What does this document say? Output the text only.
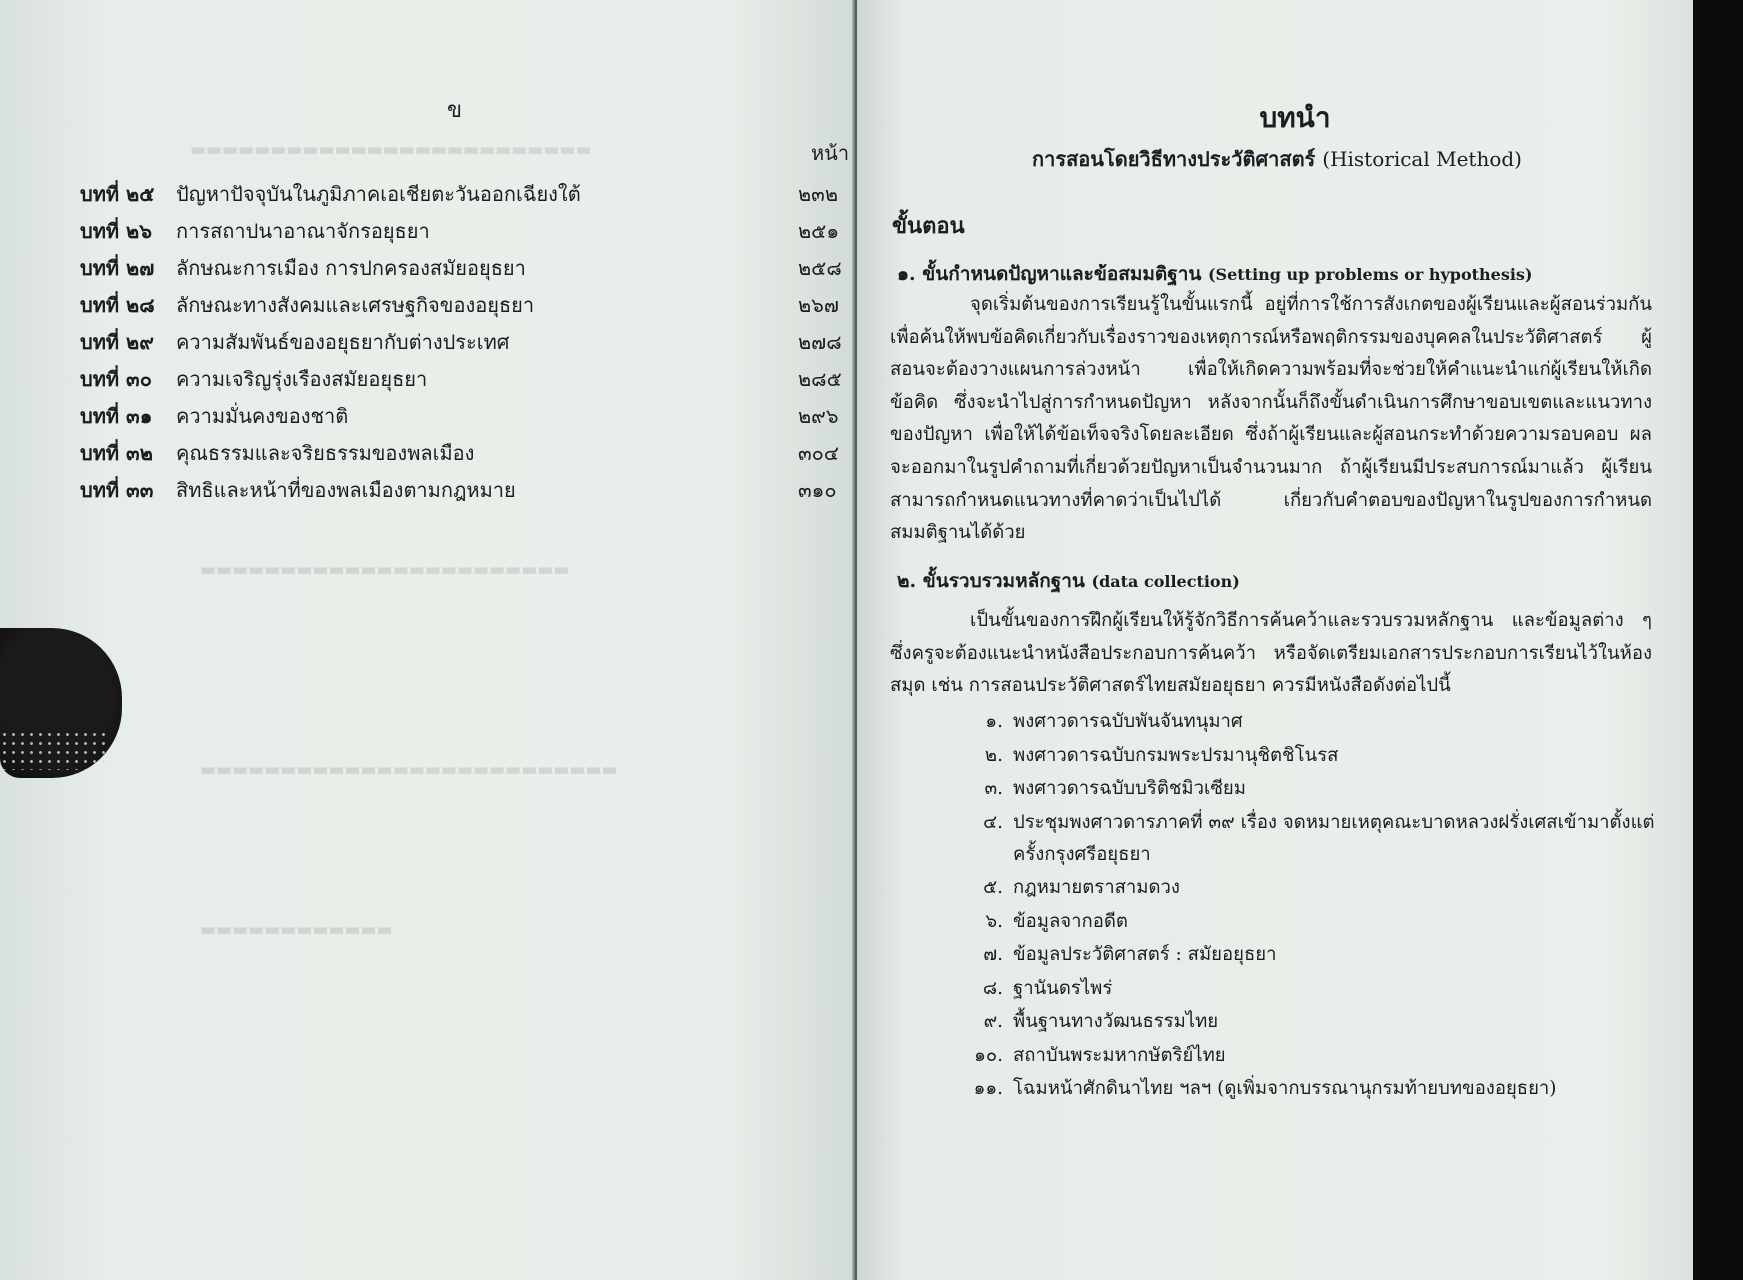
▬▬▬▬▬▬▬▬▬▬▬▬▬▬▬▬▬▬▬▬▬▬▬▬▬
▬▬▬▬▬▬▬▬▬▬▬▬▬▬▬▬▬▬▬▬▬▬▬
▬▬▬▬▬▬▬▬▬▬▬▬▬▬▬▬▬▬▬▬▬▬▬▬▬▬
▬▬▬▬▬▬▬▬▬▬▬▬
ข
หน้า
บทที่ ๒๕ ปัญหาปัจจุบันในภูมิภาคเอเชียตะวันออกเฉียงใต้	๒๓๒
บทที่ ๒๖ การสถาปนาอาณาจักรอยุธยา	๒๕๑
บทที่ ๒๗ ลักษณะการเมือง การปกครองสมัยอยุธยา	๒๕๘
บทที่ ๒๘ ลักษณะทางสังคมและเศรษฐกิจของอยุธยา	๒๖๗
บทที่ ๒๙ ความสัมพันธ์ของอยุธยากับต่างประเทศ	๒๗๘
บทที่ ๓๐ ความเจริญรุ่งเรืองสมัยอยุธยา	๒๘๕
บทที่ ๓๑ ความมั่นคงของชาติ	๒๙๖
บทที่ ๓๒ คุณธรรมและจริยธรรมของพลเมือง	๓๐๔
บทที่ ๓๓ สิทธิและหน้าที่ของพลเมืองตามกฎหมาย	๓๑๐
บทนำ
การสอนโดยวิธีทางประวัติศาสตร์ (Historical Method)
ขั้นตอน
๑. ขั้นกำหนดปัญหาและข้อสมมติฐาน (Setting up problems or hypothesis)
จุดเริ่มต้นของการเรียนรู้ในขั้นแรกนี้ อยู่ที่การใช้การสังเกตของผู้เรียนและผู้สอนร่วมกัน เพื่อค้นให้พบข้อคิดเกี่ยวกับเรื่องราวของเหตุการณ์หรือพฤติกรรมของบุคคลในประวัติศาสตร์ ผู้สอนจะต้องวางแผนการล่วงหน้า เพื่อให้เกิดความพร้อมที่จะช่วยให้คำแนะนำแก่ผู้เรียนให้เกิดข้อคิด ซึ่งจะนำไปสู่การกำหนดปัญหา หลังจากนั้นก็ถึงขั้นดำเนินการศึกษาขอบเขตและแนวทางของปัญหา เพื่อให้ได้ข้อเท็จจริงโดยละเอียด ซึ่งถ้าผู้เรียนและผู้สอนกระทำด้วยความรอบคอบ ผลจะออกมาในรูปคำถามที่เกี่ยวด้วยปัญหาเป็นจำนวนมาก ถ้าผู้เรียนมีประสบการณ์มาแล้ว ผู้เรียนสามารถกำหนดแนวทางที่คาดว่าเป็นไปได้ เกี่ยวกับคำตอบของปัญหาในรูปของการกำหนดสมมติฐานได้ด้วย
๒. ขั้นรวบรวมหลักฐาน (data collection)
เป็นขั้นของการฝึกผู้เรียนให้รู้จักวิธีการค้นคว้าและรวบรวมหลักฐาน และข้อมูลต่าง ๆ ซึ่งครูจะต้องแนะนำหนังสือประกอบการค้นคว้า หรือจัดเตรียมเอกสารประกอบการเรียนไว้ในห้องสมุด เช่น การสอนประวัติศาสตร์ไทยสมัยอยุธยา ควรมีหนังสือดังต่อไปนี้
๑. พงศาวดารฉบับพันจันทนุมาศ
๒. พงศาวดารฉบับกรมพระปรมานุชิตชิโนรส
๓. พงศาวดารฉบับบริติชมิวเซียม
๔. ประชุมพงศาวดารภาคที่ ๓๙ เรื่อง จดหมายเหตุคณะบาดหลวงฝรั่งเศสเข้ามาตั้งแต่ครั้งกรุงศรีอยุธยา
๕. กฎหมายตราสามดวง
๖. ข้อมูลจากอดีต
๗. ข้อมูลประวัติศาสตร์ : สมัยอยุธยา
๘. ฐานันดรไพร่
๙. พื้นฐานทางวัฒนธรรมไทย
๑๐. สถาบันพระมหากษัตริย์ไทย
๑๑. โฉมหน้าศักดินาไทย ฯลฯ (ดูเพิ่มจากบรรณานุกรมท้ายบทของอยุธยา)
